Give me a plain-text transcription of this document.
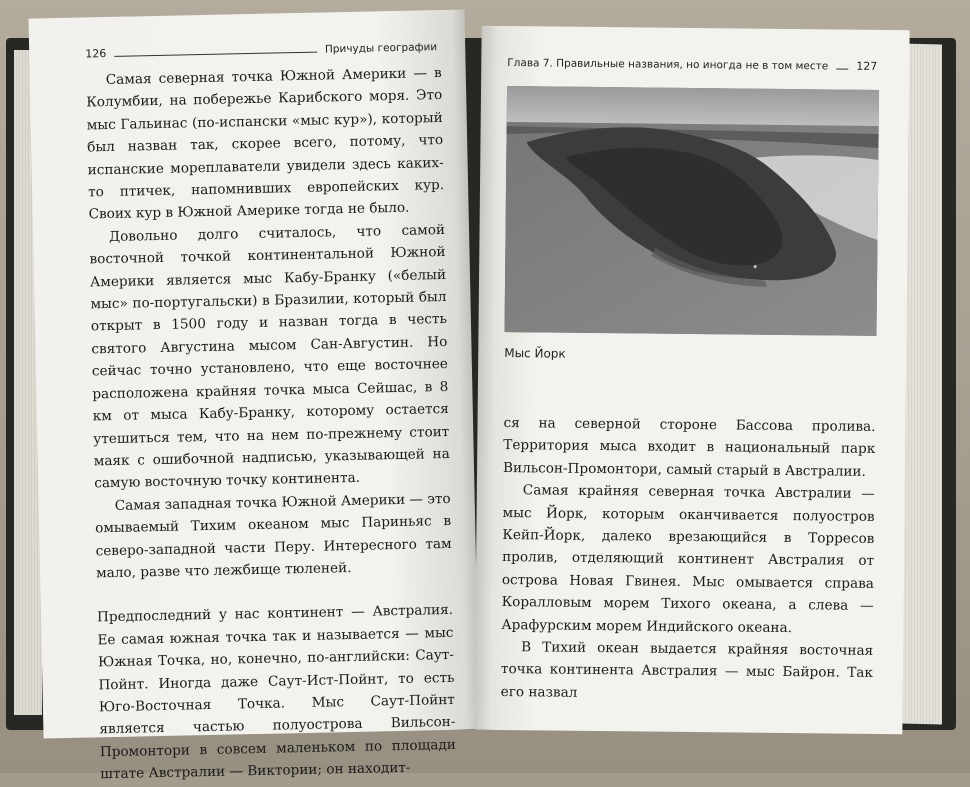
126	Причуды географии

Самая северная точка Южной Америки — в Колумбии, на побережье Карибского моря. Это мыс Гальинас (по-испански «мыс кур»), который был назван так, скорее всего, потому, что испанские мореплаватели увидели здесь каких-то птичек, напомнивших европейских кур. Своих кур в Южной Америке тогда не было.

Довольно долго считалось, что самой восточной точкой континентальной Южной Америки является мыс Кабу-Бранку («белый мыс» по-португальски) в Бразилии, который был открыт в 1500 году и назван тогда в честь святого Августина мысом Сан-Августин. Но сейчас точно установлено, что еще восточнее расположена крайняя точка мыса Сейшас, в 8 км от мыса Кабу-Бранку, которому остается утешиться тем, что на нем по-прежнему стоит маяк с ошибочной надписью, указывающей на самую восточную точку континента.

Самая западная точка Южной Америки — это омываемый Тихим океаном мыс Париньяс в северо-западной части Перу. Интересного там мало, разве что лежбище тюленей.

Предпоследний у нас континент — Австралия. Ее самая южная точка так и называется — мыс Южная Точка, но, конечно, по-английски: Саут-Пойнт. Иногда даже Саут-Ист-Пойнт, то есть Юго-Восточная Точка. Мыс Саут-Пойнт является частью полуострова Вильсон-Промонтори в совсем маленьком по площади штате Австралии — Виктории; он находит-

Глава 7. Правильные названия, но иногда не в том месте	127
Мыс Йорк

ся на северной стороне Бассова пролива. Территория мыса входит в национальный парк Вильсон-Промонтори, самый старый в Австралии.

Самая крайняя северная точка Австралии — мыс Йорк, которым оканчивается полуостров Кейп-Йорк, далеко врезающийся в Торресов пролив, отделяющий континент Австралия от острова Новая Гвинея. Мыс омывается справа Коралловым морем Тихого океана, а слева — Арафурским морем Индийского океана.

В Тихий океан выдается крайняя восточная точка континента Австралия — мыс Байрон. Так его назвал
